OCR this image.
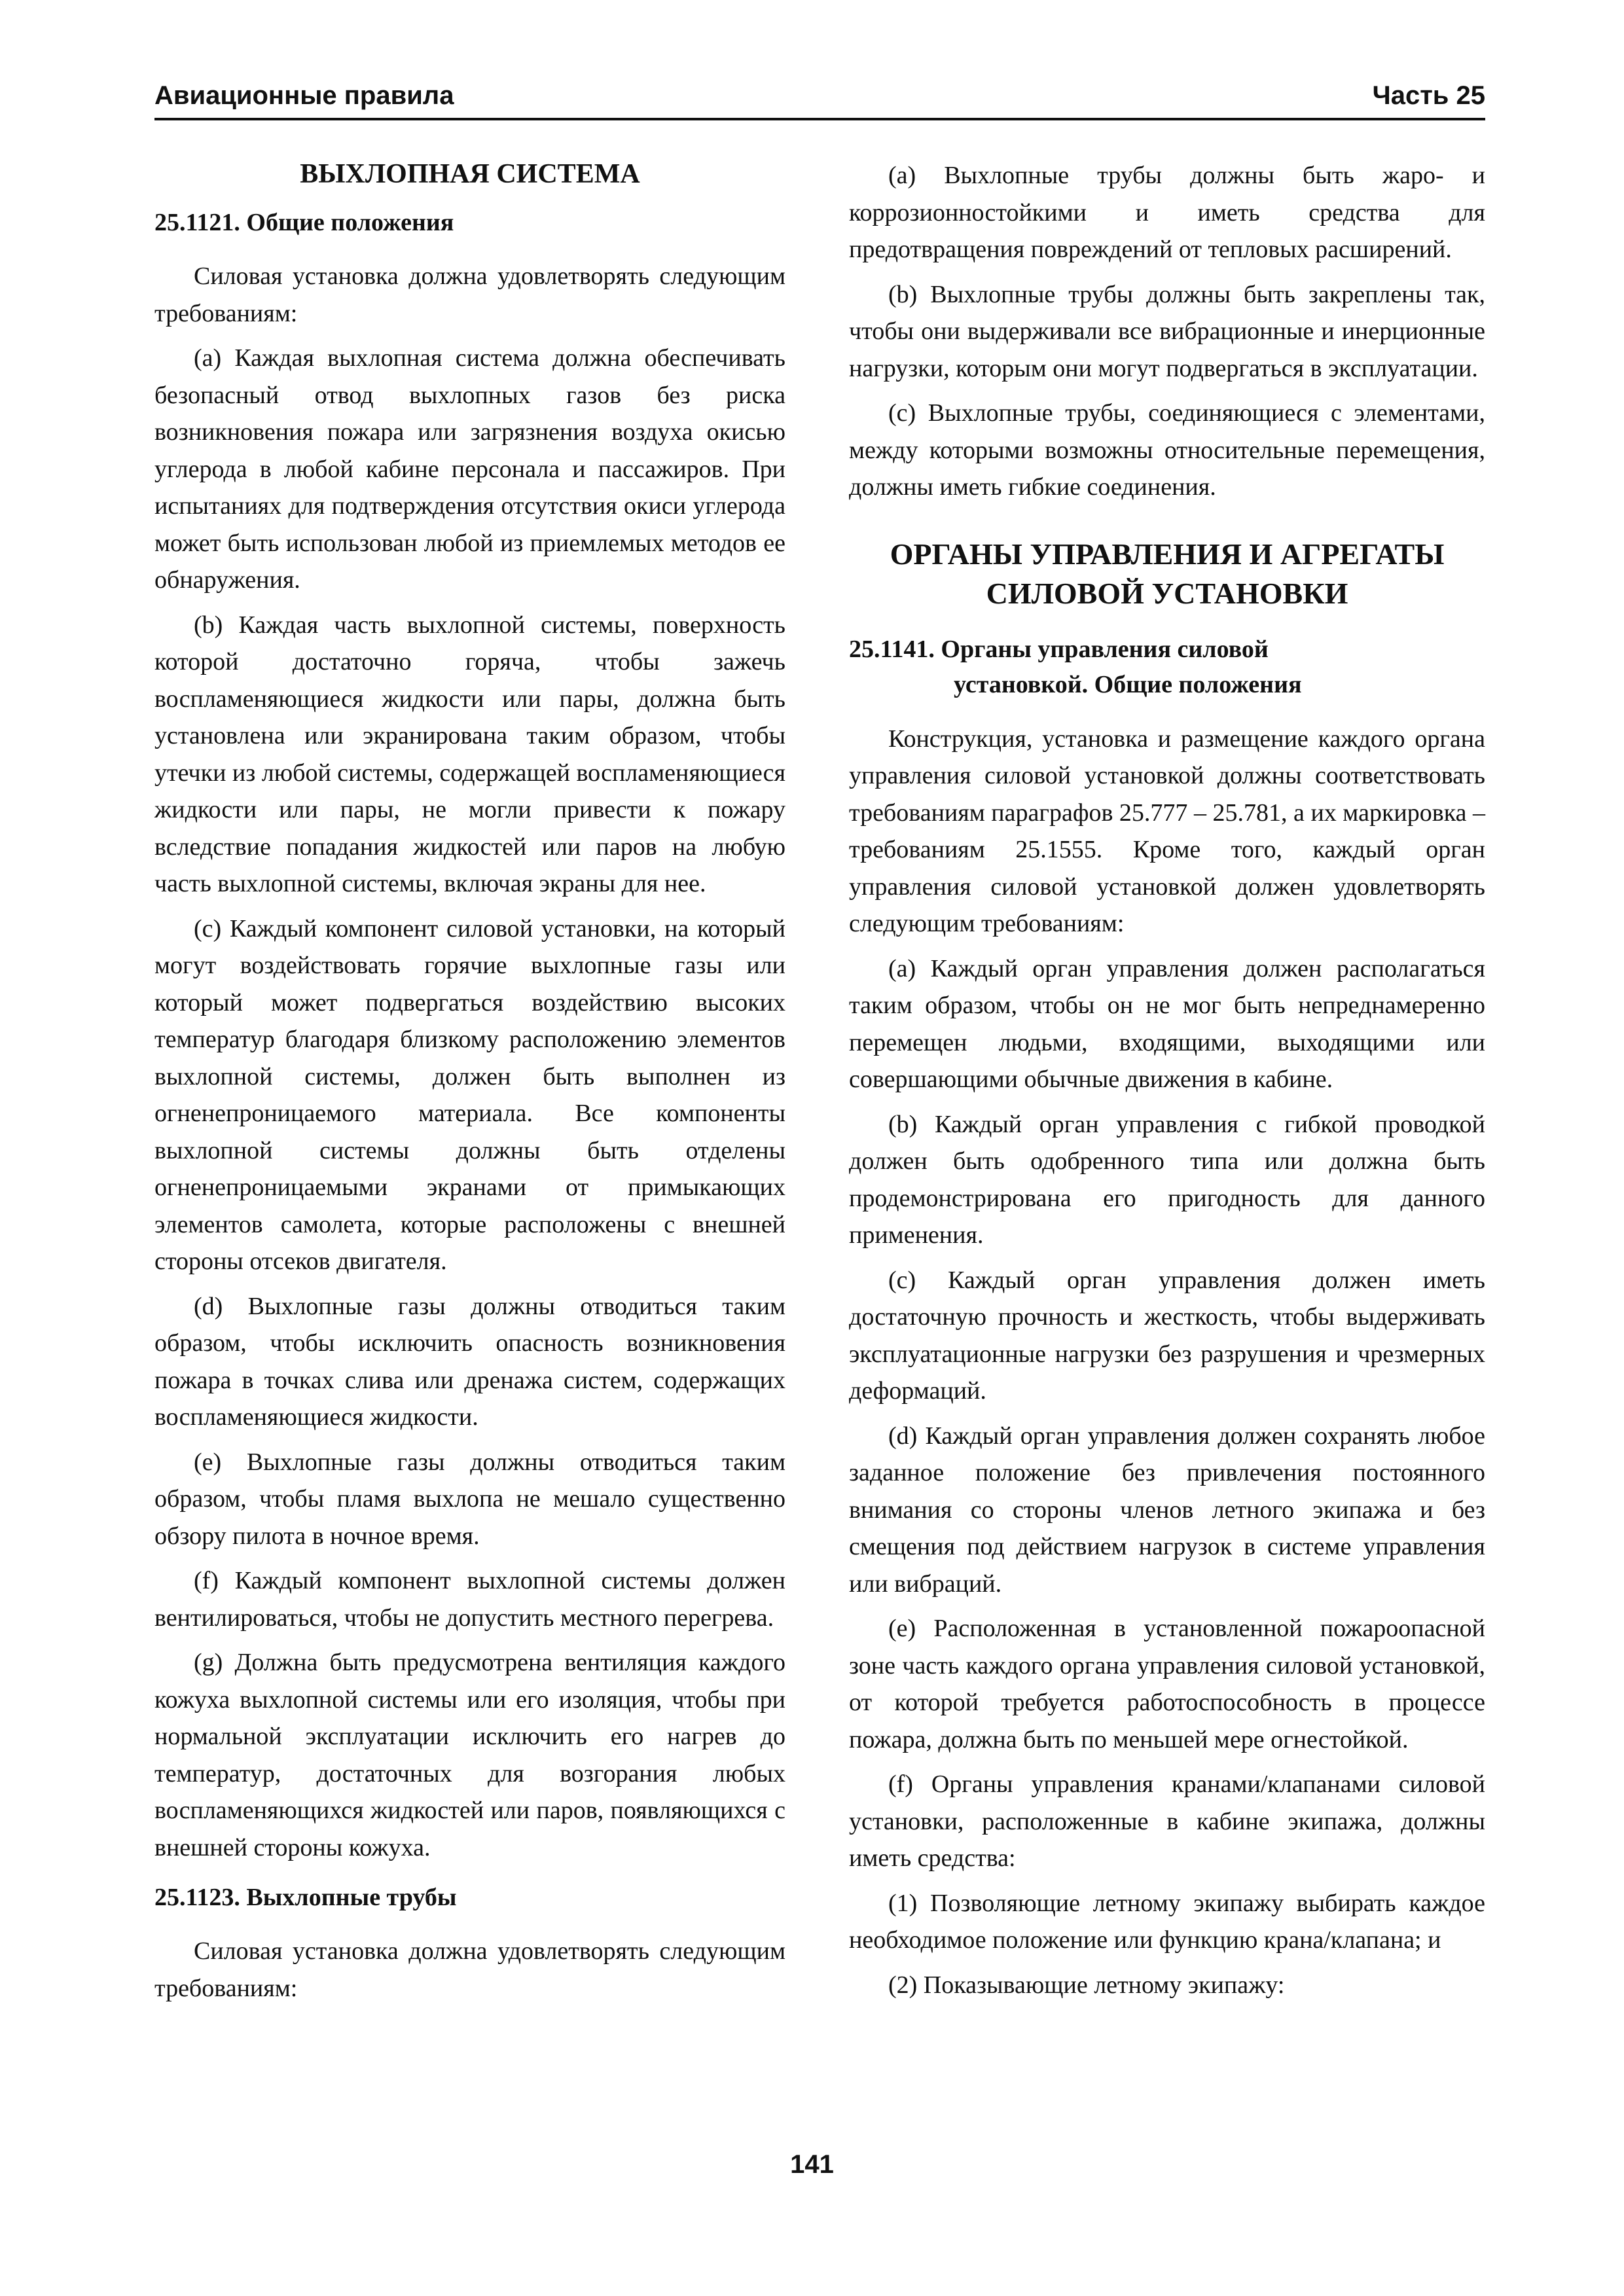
Авиационные правила	Часть 25
ВЫХЛОПНАЯ СИСТЕМА
25.1121. Общие положения

Силовая установка должна удовлетворять следующим требованиям:

(а) Каждая выхлопная система должна обеспечивать безопасный отвод выхлопных газов без риска возникновения пожара или загрязнения воздуха окисью углерода в любой кабине персонала и пассажиров. При испытаниях для подтверждения отсутствия окиси углерода может быть использован любой из приемлемых методов ее обнаружения.

(b) Каждая часть выхлопной системы, поверхность которой достаточно горяча, чтобы зажечь воспламеняющиеся жидкости или пары, должна быть установлена или экранирована таким образом, чтобы утечки из любой системы, содержащей воспламеняющиеся жидкости или пары, не могли привести к пожару вследствие попадания жидкостей или паров на любую часть выхлопной системы, включая экраны для нее.

(с) Каждый компонент силовой установки, на который могут воздействовать горячие выхлопные газы или который может подвергаться воздействию высоких температур благодаря близкому расположению элементов выхлопной системы, должен быть выполнен из огненепроницаемого материала. Все компоненты выхлопной системы должны быть отделены огненепроницаемыми экранами от примыкающих элементов самолета, которые расположены с внешней стороны отсеков двигателя.

(d) Выхлопные газы должны отводиться таким образом, чтобы исключить опасность возникновения пожара в точках слива или дренажа систем, содержащих воспламеняющиеся жидкости.

(е) Выхлопные газы должны отводиться таким образом, чтобы пламя выхлопа не мешало существенно обзору пилота в ночное время.

(f) Каждый компонент выхлопной системы должен вентилироваться, чтобы не допустить местного перегрева.

(g) Должна быть предусмотрена вентиляция каждого кожуха выхлопной системы или его изоляция, чтобы при нормальной эксплуатации исключить его нагрев до температур, достаточных для возгорания любых воспламеняющихся жидкостей или паров, появляющихся с внешней стороны кожуха.

25.1123. Выхлопные трубы

Силовая установка должна удовлетворять следующим требованиям:

(а) Выхлопные трубы должны быть жаро- и коррозионностойкими и иметь средства для предотвращения повреждений от тепловых расширений.

(b) Выхлопные трубы должны быть закреплены так, чтобы они выдерживали все вибрационные и инерционные нагрузки, которым они могут подвергаться в эксплуатации.

(с) Выхлопные трубы, соединяющиеся с элементами, между которыми возможны относительные перемещения, должны иметь гибкие соединения.

ОРГАНЫ УПРАВЛЕНИЯ И АГРЕГАТЫ
СИЛОВОЙ УСТАНОВКИ
25.1141. Органы управления силовой
установкой. Общие положения

Конструкция, установка и размещение каждого органа управления силовой установкой должны соответствовать требованиям параграфов 25.777 – 25.781, а их маркировка – требованиям 25.1555. Кроме того, каждый орган управления силовой установкой должен удовлетворять следующим требованиям:

(а) Каждый орган управления должен располагаться таким образом, чтобы он не мог быть непреднамеренно перемещен людьми, входящими, выходящими или совершающими обычные движения в кабине.

(b) Каждый орган управления с гибкой проводкой должен быть одобренного типа или должна быть продемонстрирована его пригодность для данного применения.

(с) Каждый орган управления должен иметь достаточную прочность и жесткость, чтобы выдерживать эксплуатационные нагрузки без разрушения и чрезмерных деформаций.

(d) Каждый орган управления должен сохранять любое заданное положение без привлечения постоянного внимания со стороны членов летного экипажа и без смещения под действием нагрузок в системе управления или вибраций.

(е) Расположенная в установленной пожароопасной зоне часть каждого органа управления силовой установкой, от которой требуется работоспособность в процессе пожара, должна быть по меньшей мере огнестойкой.

(f) Органы управления кранами/клапанами силовой установки, расположенные в кабине экипажа, должны иметь средства:

(1) Позволяющие летному экипажу выбирать каждое необходимое положение или функцию крана/клапана; и

(2) Показывающие летному экипажу:

141
